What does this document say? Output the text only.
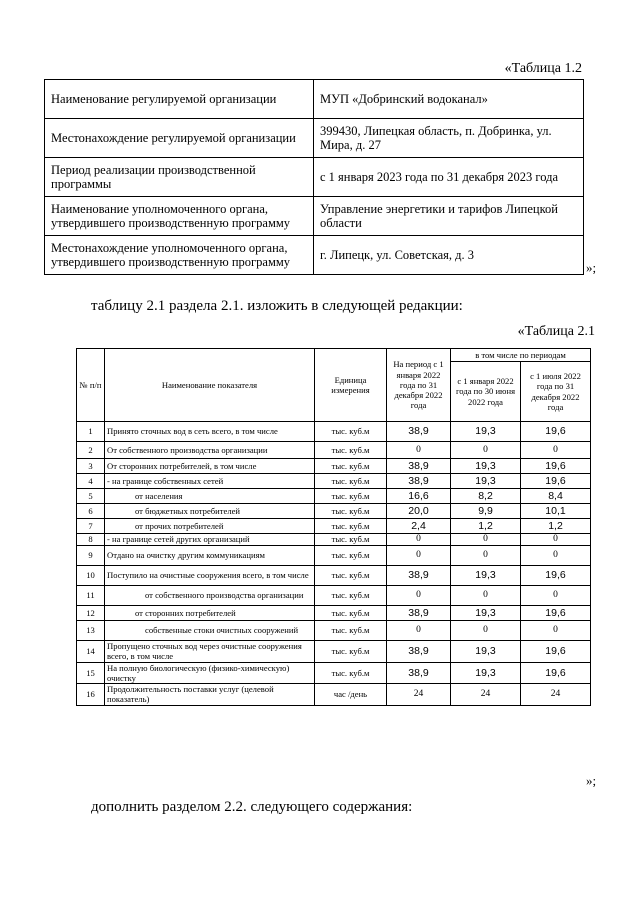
«Таблица 1.2
Наименование регулируемой организации	МУП «Добринский водоканал»
Местонахождение регулируемой организации	399430, Липецкая область, п. Добринка, ул. Мира, д. 27
Период реализации производственной программы	с 1 января 2023 года по 31 декабря 2023 года
Наименование уполномоченного органа, утвердившего производственную программу	Управление энергетики и тарифов Липецкой области
Местонахождение уполномоченного органа, утвердившего производственную программу	г. Липецк, ул. Советская, д. 3
»;
таблицу 2.1 раздела 2.1. изложить в следующей редакции:
«Таблица 2.1
№ п/п	Наименование показателя	Единица измерения	На период с 1 января 2022 года по 31 декабря 2022 года	в том числе по периодам	
				с 1 января 2022 года по 30 июня 2022 года	с 1 июля 2022 года по 31 декабря 2022 года
1	Принято сточных вод в сеть всего, в том числе	тыс. куб.м	38,9	19,3	19,6
2	От собственного производства организации	тыс. куб.м	0	0	0
3	От сторонних потребителей, в том числе	тыс. куб.м	38,9	19,3	19,6
4	- на границе собственных сетей	тыс. куб.м	38,9	19,3	19,6
5	от населения	тыс. куб.м	16,6	8,2	8,4
6	от бюджетных потребителей	тыс. куб.м	20,0	9,9	10,1
7	от прочих потребителей	тыс. куб.м	2,4	1,2	1,2
8	- на границе сетей других организаций	тыс. куб.м	0	0	0
9	Отдано на очистку другим коммуникациям	тыс. куб.м	0	0	0
10	Поступило на очистные сооружения всего, в том числе	тыс. куб.м	38,9	19,3	19,6
11	от собственного производства организации	тыс. куб.м	0	0	0
12	от сторонних потребителей	тыс. куб.м	38,9	19,3	19,6
13	собственные стоки очистных сооружений	тыс. куб.м	0	0	0
14	Пропущено сточных вод через очистные сооружения всего, в том числе	тыс. куб.м	38,9	19,3	19,6
15	На полную биологическую (физико-химическую) очистку	тыс. куб.м	38,9	19,3	19,6
16	Продолжительность поставки услуг (целевой показатель)	час /день	24	24	24
»;
дополнить разделом 2.2. следующего содержания:
